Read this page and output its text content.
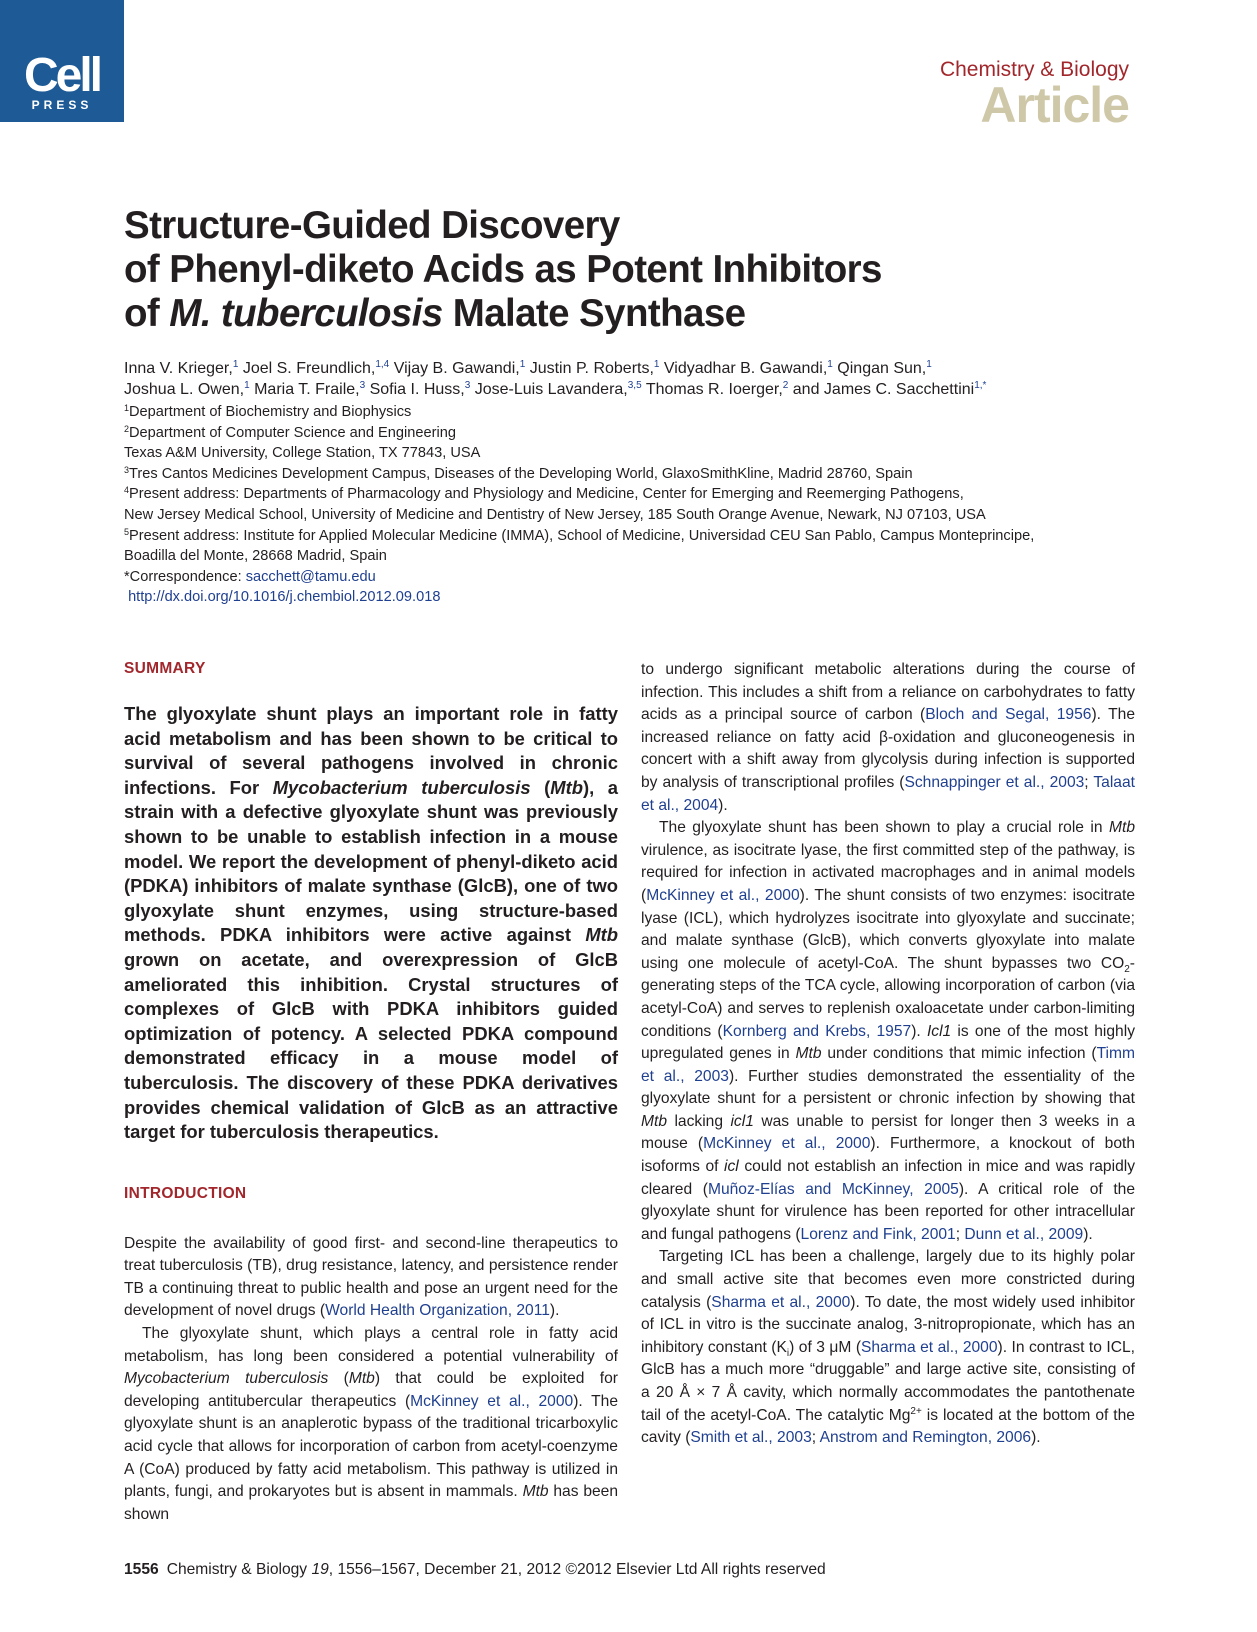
Cell
PRESS
Chemistry & Biology
Article
Structure-Guided Discovery
of Phenyl-diketo Acids as Potent Inhibitors
of M. tuberculosis Malate Synthase
Inna V. Krieger,$^1$ Joel S. Freundlich,$^{1,4}$ Vijay B. Gawandi,$^1$ Justin P. Roberts,$^1$ Vidyadhar B. Gawandi,$^1$ Qingan Sun,$^1$
Joshua L. Owen,$^1$ Maria T. Fraile,$^3$ Sofia I. Huss,$^3$ Jose-Luis Lavandera,$^{3,5}$ Thomas R. Ioerger,$^2$ and James C. Sacchettini$^{1,*}$
$^1$Department of Biochemistry and Biophysics
$^2$Department of Computer Science and Engineering
Texas A&M University, College Station, TX 77843, USA
$^3$Tres Cantos Medicines Development Campus, Diseases of the Developing World, GlaxoSmithKline, Madrid 28760, Spain
$^4$Present address: Departments of Pharmacology and Physiology and Medicine, Center for Emerging and Reemerging Pathogens,
New Jersey Medical School, University of Medicine and Dentistry of New Jersey, 185 South Orange Avenue, Newark, NJ 07103, USA
$^5$Present address: Institute for Applied Molecular Medicine (IMMA), School of Medicine, Universidad CEU San Pablo, Campus Monteprincipe,
Boadilla del Monte, 28668 Madrid, Spain
*Correspondence: sacchett@tamu.edu
http://dx.doi.org/10.1016/j.chembiol.2012.09.018
SUMMARY
The glyoxylate shunt plays an important role in fatty acid metabolism and has been shown to be critical to survival of several pathogens involved in chronic infections. For Mycobacterium tuberculosis (Mtb), a strain with a defective glyoxylate shunt was previously shown to be unable to establish infection in a mouse model. We report the development of phenyl-diketo acid (PDKA) inhibitors of malate synthase (GlcB), one of two glyoxylate shunt enzymes, using structure-based methods. PDKA inhibitors were active against Mtb grown on acetate, and overexpression of GlcB ameliorated this inhibition. Crystal structures of complexes of GlcB with PDKA inhibitors guided optimization of potency. A selected PDKA compound demonstrated efficacy in a mouse model of tuberculosis. The discovery of these PDKA derivatives provides chemical validation of GlcB as an attractive target for tuberculosis therapeutics.
INTRODUCTION

Despite the availability of good first- and second-line therapeutics to treat tuberculosis (TB), drug resistance, latency, and persistence render TB a continuing threat to public health and pose an urgent need for the development of novel drugs (World Health Organization, 2011).

The glyoxylate shunt, which plays a central role in fatty acid metabolism, has long been considered a potential vulnerability of Mycobacterium tuberculosis (Mtb) that could be exploited for developing antitubercular therapeutics (McKinney et al., 2000). The glyoxylate shunt is an anaplerotic bypass of the traditional tricarboxylic acid cycle that allows for incorporation of carbon from acetyl-coenzyme A (CoA) produced by fatty acid metabolism. This pathway is utilized in plants, fungi, and prokaryotes but is absent in mammals. Mtb has been shown

to undergo significant metabolic alterations during the course of infection. This includes a shift from a reliance on carbohydrates to fatty acids as a principal source of carbon (Bloch and Segal, 1956). The increased reliance on fatty acid β-oxidation and gluconeogenesis in concert with a shift away from glycolysis during infection is supported by analysis of transcriptional profiles (Schnappinger et al., 2003; Talaat et al., 2004).

The glyoxylate shunt has been shown to play a crucial role in Mtb virulence, as isocitrate lyase, the first committed step of the pathway, is required for infection in activated macrophages and in animal models (McKinney et al., 2000). The shunt consists of two enzymes: isocitrate lyase (ICL), which hydrolyzes isocitrate into glyoxylate and succinate; and malate synthase (GlcB), which converts glyoxylate into malate using one molecule of acetyl-CoA. The shunt bypasses two $CO_2$-generating steps of the TCA cycle, allowing incorporation of carbon (via acetyl-CoA) and serves to replenish oxaloacetate under carbon-limiting conditions (Kornberg and Krebs, 1957). Icl1 is one of the most highly upregulated genes in Mtb under conditions that mimic infection (Timm et al., 2003). Further studies demonstrated the essentiality of the glyoxylate shunt for a persistent or chronic infection by showing that Mtb lacking icl1 was unable to persist for longer then 3 weeks in a mouse (McKinney et al., 2000). Furthermore, a knockout of both isoforms of icl could not establish an infection in mice and was rapidly cleared (Muñoz-Elías and McKinney, 2005). A critical role of the glyoxylate shunt for virulence has been reported for other intracellular and fungal pathogens (Lorenz and Fink, 2001; Dunn et al., 2009).

Targeting ICL has been a challenge, largely due to its highly polar and small active site that becomes even more constricted during catalysis (Sharma et al., 2000). To date, the most widely used inhibitor of ICL in vitro is the succinate analog, 3-nitropropionate, which has an inhibitory constant $(K_i)$ of 3 μM (Sharma et al., 2000). In contrast to ICL, GlcB has a much more “druggable” and large active site, consisting of a 20 Å × 7 Å cavity, which normally accommodates the pantothenate tail of the acetyl-CoA. The catalytic $Mg^{2+}$ is located at the bottom of the cavity (Smith et al., 2003; Anstrom and Remington, 2006).

1556 Chemistry & Biology 19, 1556–1567, December 21, 2012 ©2012 Elsevier Ltd All rights reserved
